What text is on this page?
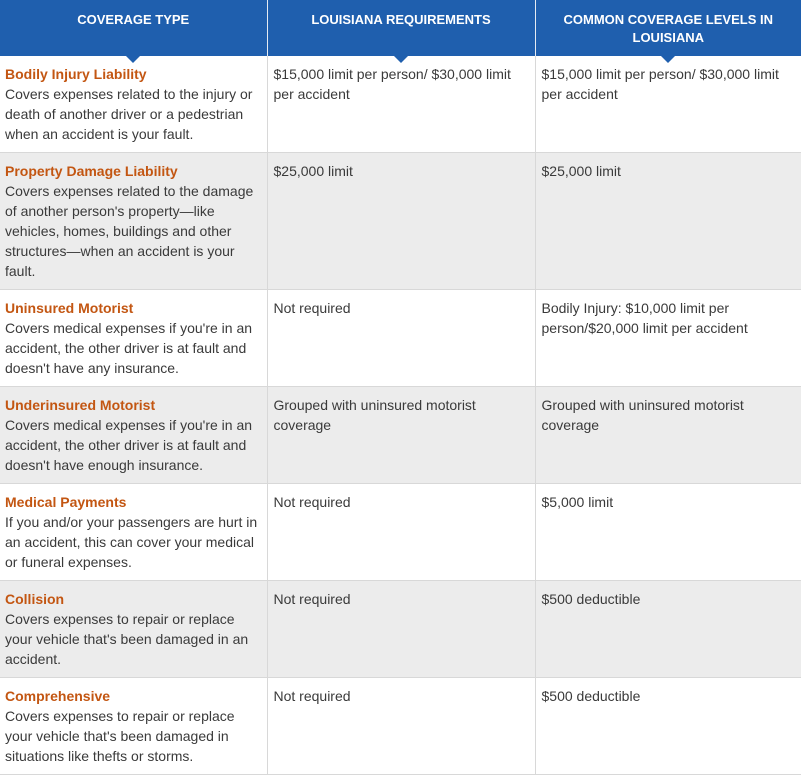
COVERAGE TYPE	LOUISIANA REQUIREMENTS	COMMON COVERAGE LEVELS IN LOUISIANA

Bodily Injury Liability
Covers expenses related to the injury or death of another driver or a pedestrian when an accident is your fault.	$15,000 limit per person/ $30,000 limit per accident	$15,000 limit per person/ $30,000 limit per accident

Property Damage Liability
Covers expenses related to the damage of another person's property—like vehicles, homes, buildings and other structures—when an accident is your fault.	$25,000 limit	$25,000 limit

Uninsured Motorist
Covers medical expenses if you're in an accident, the other driver is at fault and doesn't have any insurance.	Not required	Bodily Injury: $10,000 limit per person/$20,000 limit per accident

Underinsured Motorist
Covers medical expenses if you're in an accident, the other driver is at fault and doesn't have enough insurance.	Grouped with uninsured motorist coverage	Grouped with uninsured motorist coverage

Medical Payments
If you and/or your passengers are hurt in an accident, this can cover your medical or funeral expenses.	Not required	$5,000 limit

Collision
Covers expenses to repair or replace your vehicle that's been damaged in an accident.	Not required	$500 deductible

Comprehensive
Covers expenses to repair or replace your vehicle that's been damaged in situations like thefts or storms.	Not required	$500 deductible
